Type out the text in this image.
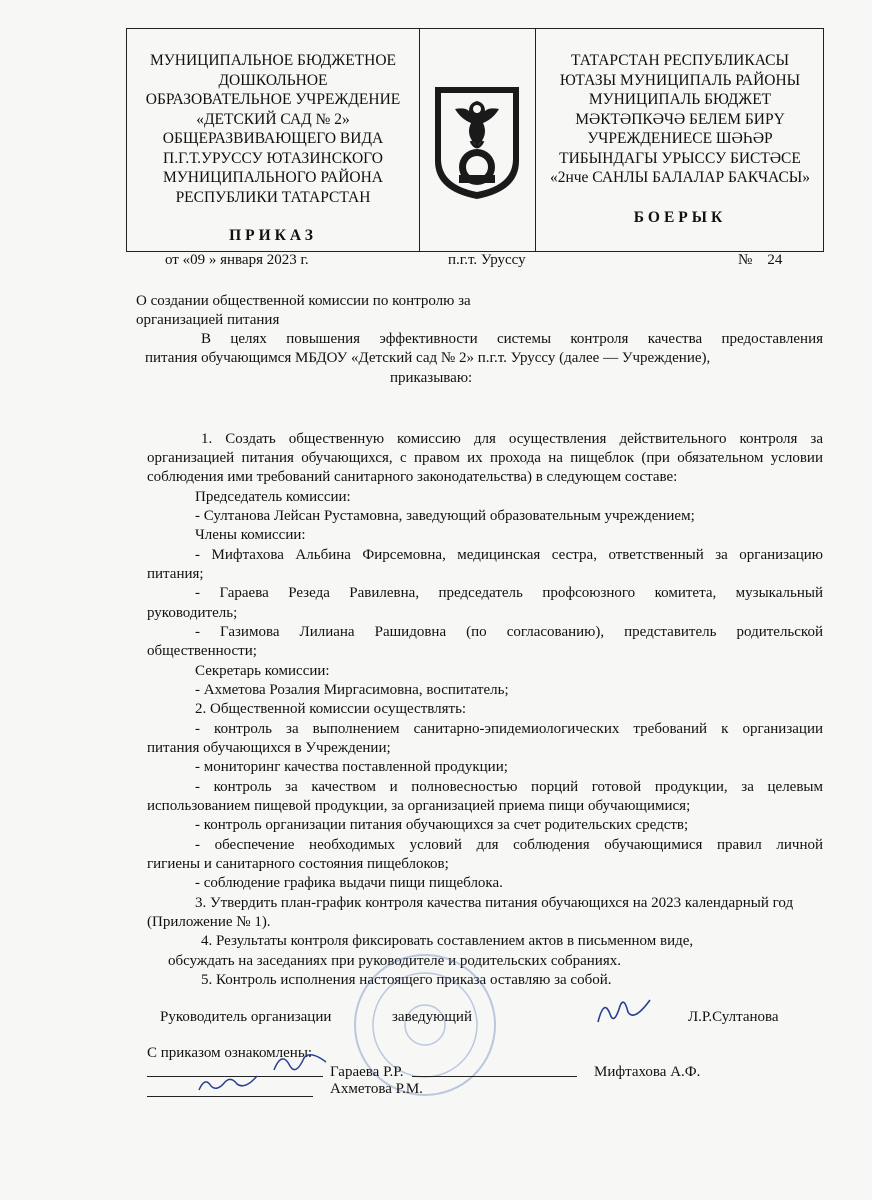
МУНИЦИПАЛЬНОЕ БЮДЖЕТНОЕ
ДОШКОЛЬНОЕ
ОБРАЗОВАТЕЛЬНОЕ УЧРЕЖДЕНИЕ
«ДЕТСКИЙ САД № 2»
ОБЩЕРАЗВИВАЮЩЕГО ВИДА
П.Г.Т.УРУССУ ЮТАЗИНСКОГО
МУНИЦИПАЛЬНОГО РАЙОНА
РЕСПУБЛИКИ ТАТАРСТАН
ПРИКАЗ
ТАТАРСТАН РЕСПУБЛИКАСЫ
ЮТАЗЫ МУНИЦИПАЛЬ РАЙОНЫ
МУНИЦИПАЛЬ БЮДЖЕТ
МӘКТӘПКӘЧӘ БЕЛЕМ БИРҮ
УЧРЕЖДЕНИЕСЕ ШӘҺӘР
ТИБЫНДАГЫ УРЫССУ БИСТӘСЕ
«2нче САНЛЫ БАЛАЛАР БАКЧАСЫ»
БОЕРЫК
от «09 » января 2023 г.	п.г.т. Уруссу	№ 24
О создании общественной комиссии по контролю за
организацией питания
В целях повышения эффективности системы контроля качества предоставления
питания обучающимся МБДОУ «Детский сад № 2» п.г.т. Уруссу (далее — Учреждение),
приказываю:
1. Создать общественную комиссию для осуществления действительного контроля за
организацией питания обучающихся, с правом их прохода на пищеблок (при обязательном условии
соблюдения ими требований санитарного законодательства) в следующем составе:
Председатель комиссии:
- Султанова Лейсан Рустамовна, заведующий образовательным учреждением;
Члены комиссии:
- Мифтахова Альбина Фирсемовна, медицинская сестра, ответственный за организацию
питания;
- Гараева Резеда Равилевна, председатель профсоюзного комитета, музыкальный
руководитель;
- Газимова Лилиана Рашидовна (по согласованию), представитель родительской
общественности;
Секретарь комиссии:
- Ахметова Розалия Миргасимовна, воспитатель;
2. Общественной комиссии осуществлять:
- контроль за выполнением санитарно-эпидемиологических требований к организации
питания обучающихся в Учреждении;
- мониторинг качества поставленной продукции;
- контроль за качеством и полновесностью порций готовой продукции, за целевым
использованием пищевой продукции, за организацией приема пищи обучающимися;
- контроль организации питания обучающихся за счет родительских средств;
- обеспечение необходимых условий для соблюдения обучающимися правил личной
гигиены и санитарного состояния пищеблоков;
- соблюдение графика выдачи пищи пищеблока.
3. Утвердить план-график контроля качества питания обучающихся на 2023 календарный год
(Приложение № 1).
4. Результаты контроля фиксировать составлением актов в письменном виде,
обсуждать на заседаниях при руководителе и родительских собраниях.
5. Контроль исполнения настоящего приказа оставляю за собой.
Руководитель организации	заведующий	Л.Р.Султанова
С приказом ознакомлены:
Гараева Р.Р.	Мифтахова А.Ф.
Ахметова Р.М.
